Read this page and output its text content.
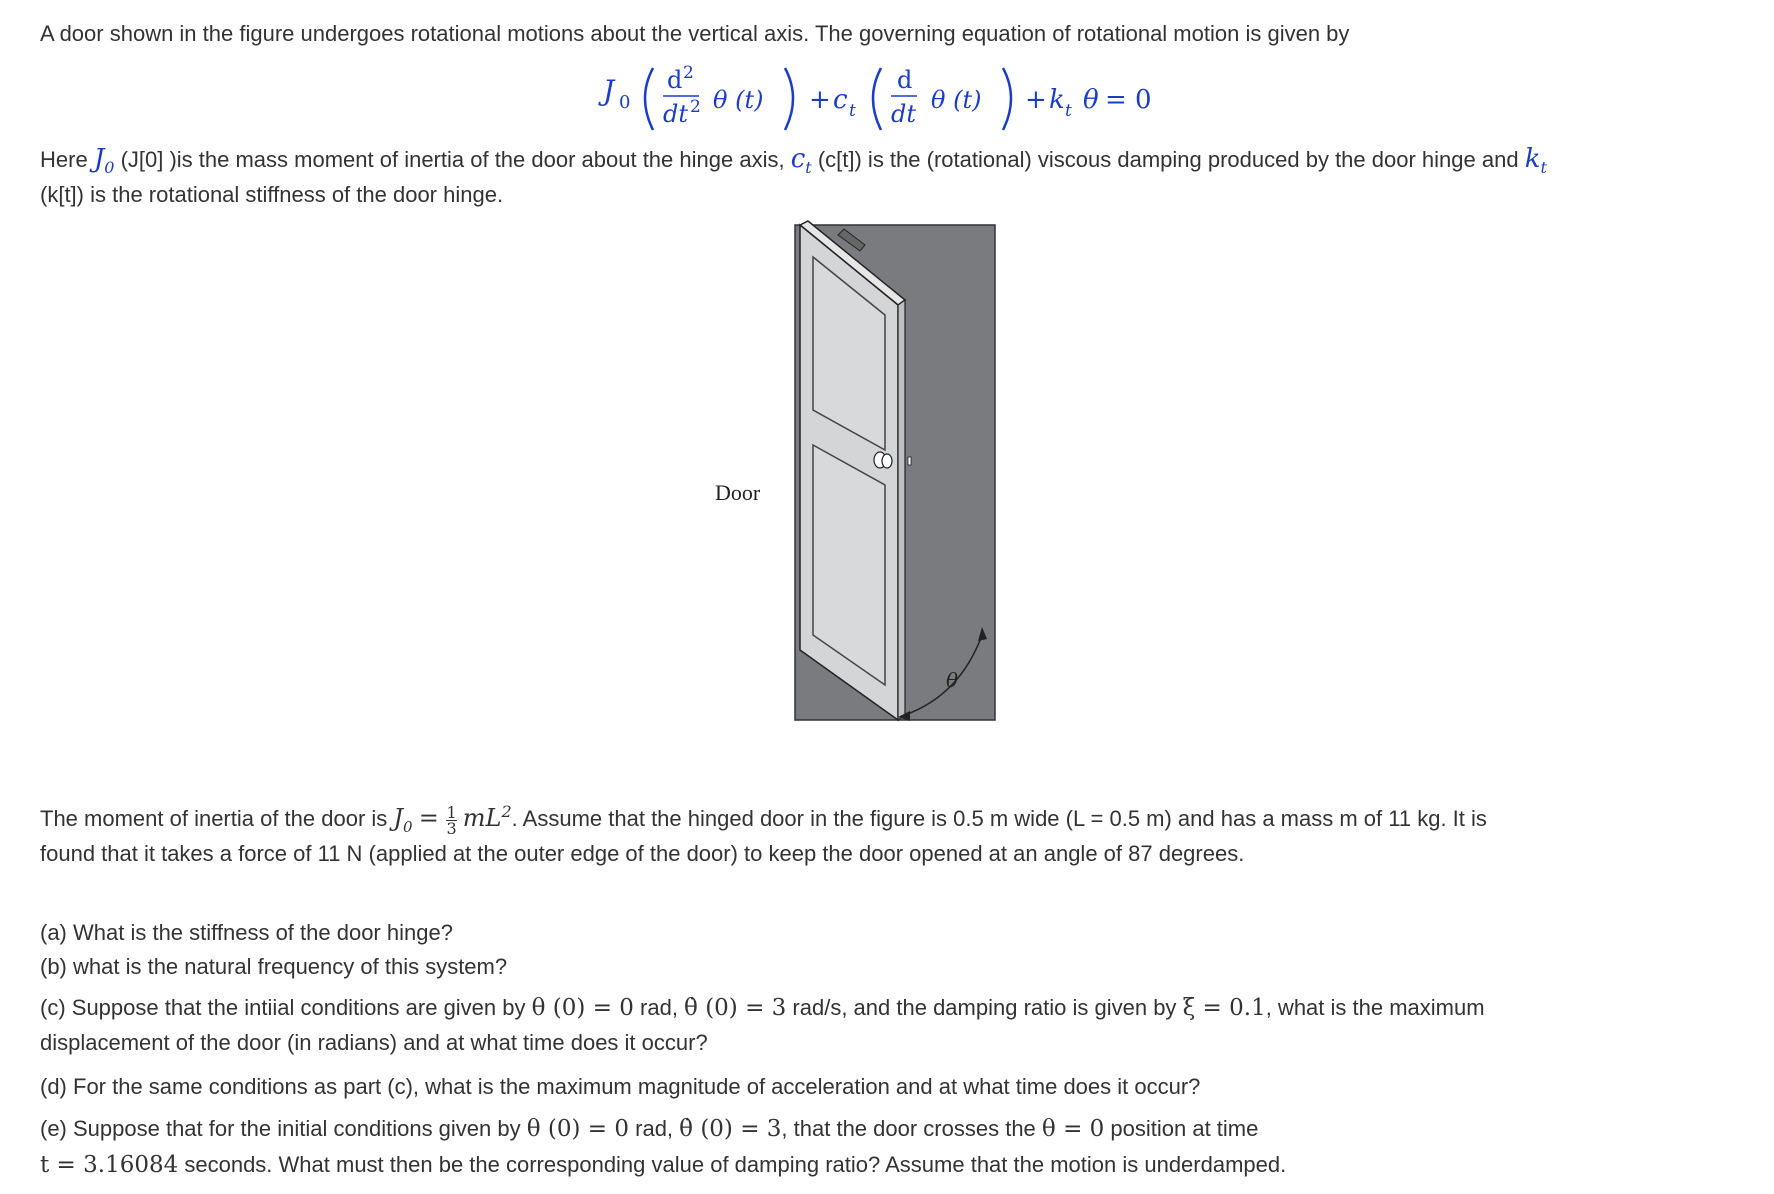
A door shown in the figure undergoes rotational motions about the vertical axis. The governing equation of rotational motion is given by
J 0
d 2
dt 2 θ (t) + c t
d
dt θ (t) + k t θ = 0
Here $J_0$ (J[0] )is the mass moment of inertia of the door about the hinge axis, $c_t$ (c[t]) is the (rotational) viscous damping produced by the door hinge and $k_t$
(k[t]) is the rotational stiffness of the door hinge.
Door
θ
The moment of inertia of the door is $J_0 = \frac{1}{3} mL^2$. Assume that the hinged door in the figure is 0.5 m wide (L = 0.5 m) and has a mass m of 11 kg. It is
found that it takes a force of 11 N (applied at the outer edge of the door) to keep the door opened at an angle of 87 degrees.
(a) What is the stiffness of the door hinge?
(b) what is the natural frequency of this system?
(c) Suppose that the intiial conditions are given by θ (0) = 0 rad, θ̇ (0) = 3 rad/s, and the damping ratio is given by ξ = 0.1, what is the maximum
displacement of the door (in radians) and at what time does it occur?
(d) For the same conditions as part (c), what is the maximum magnitude of acceleration and at what time does it occur?
(e) Suppose that for the initial conditions given by θ (0) = 0 rad, θ̇ (0) = 3, that the door crosses the θ = 0 position at time
t = 3.16084 seconds. What must then be the corresponding value of damping ratio? Assume that the motion is underdamped.
